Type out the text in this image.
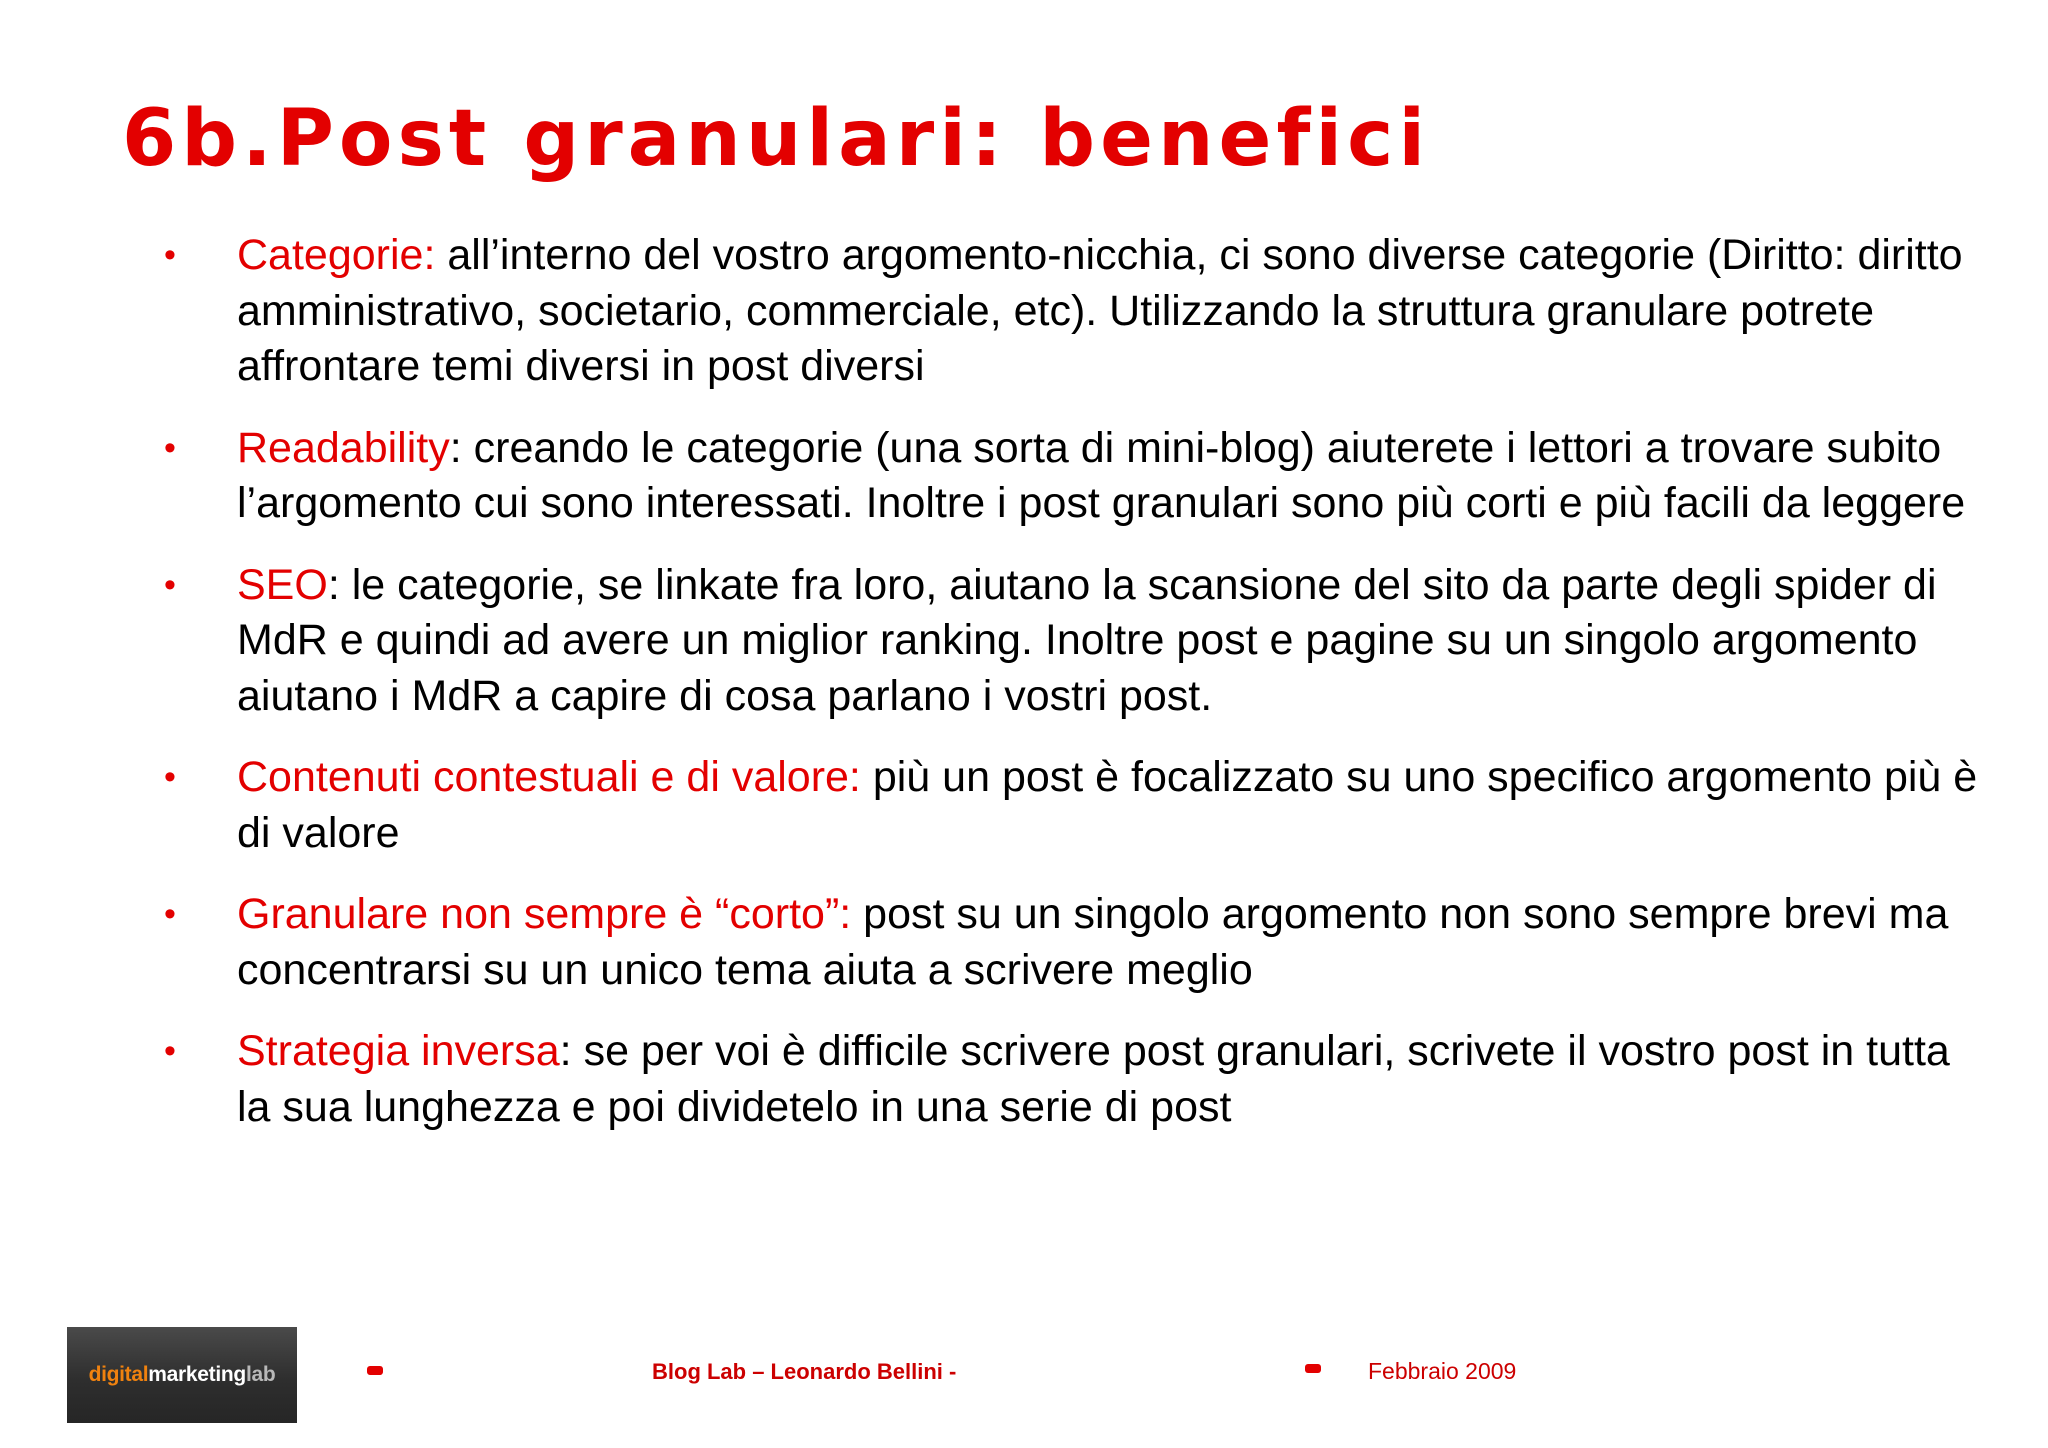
6b.Post granulari: benefici
• Categorie: all’interno del vostro argomento-nicchia, ci sono diverse categorie (Diritto: diritto amministrativo, societario, commerciale, etc). Utilizzando la struttura granulare potrete affrontare temi diversi in post diversi
• Readability: creando le categorie (una sorta di mini-blog) aiuterete i lettori a trovare subito l’argomento cui sono interessati. Inoltre i post granulari sono più corti e più facili da leggere
• SEO: le categorie, se linkate fra loro, aiutano la scansione del sito da parte degli spider di MdR e quindi ad avere un miglior ranking. Inoltre post e pagine su un singolo argomento aiutano i MdR a capire di cosa parlano i vostri post.
• Contenuti contestuali e di valore: più un post è focalizzato su uno specifico argomento più è di valore
• Granulare non sempre è “corto”: post su un singolo argomento non sono sempre brevi ma concentrarsi su un unico tema aiuta a scrivere meglio
• Strategia inversa: se per voi è difficile scrivere post granulari, scrivete il vostro post in tutta la sua lunghezza e poi dividetelo in una serie di post
digitalmarketinglab	Blog Lab – Leonardo Bellini -	Febbraio 2009
